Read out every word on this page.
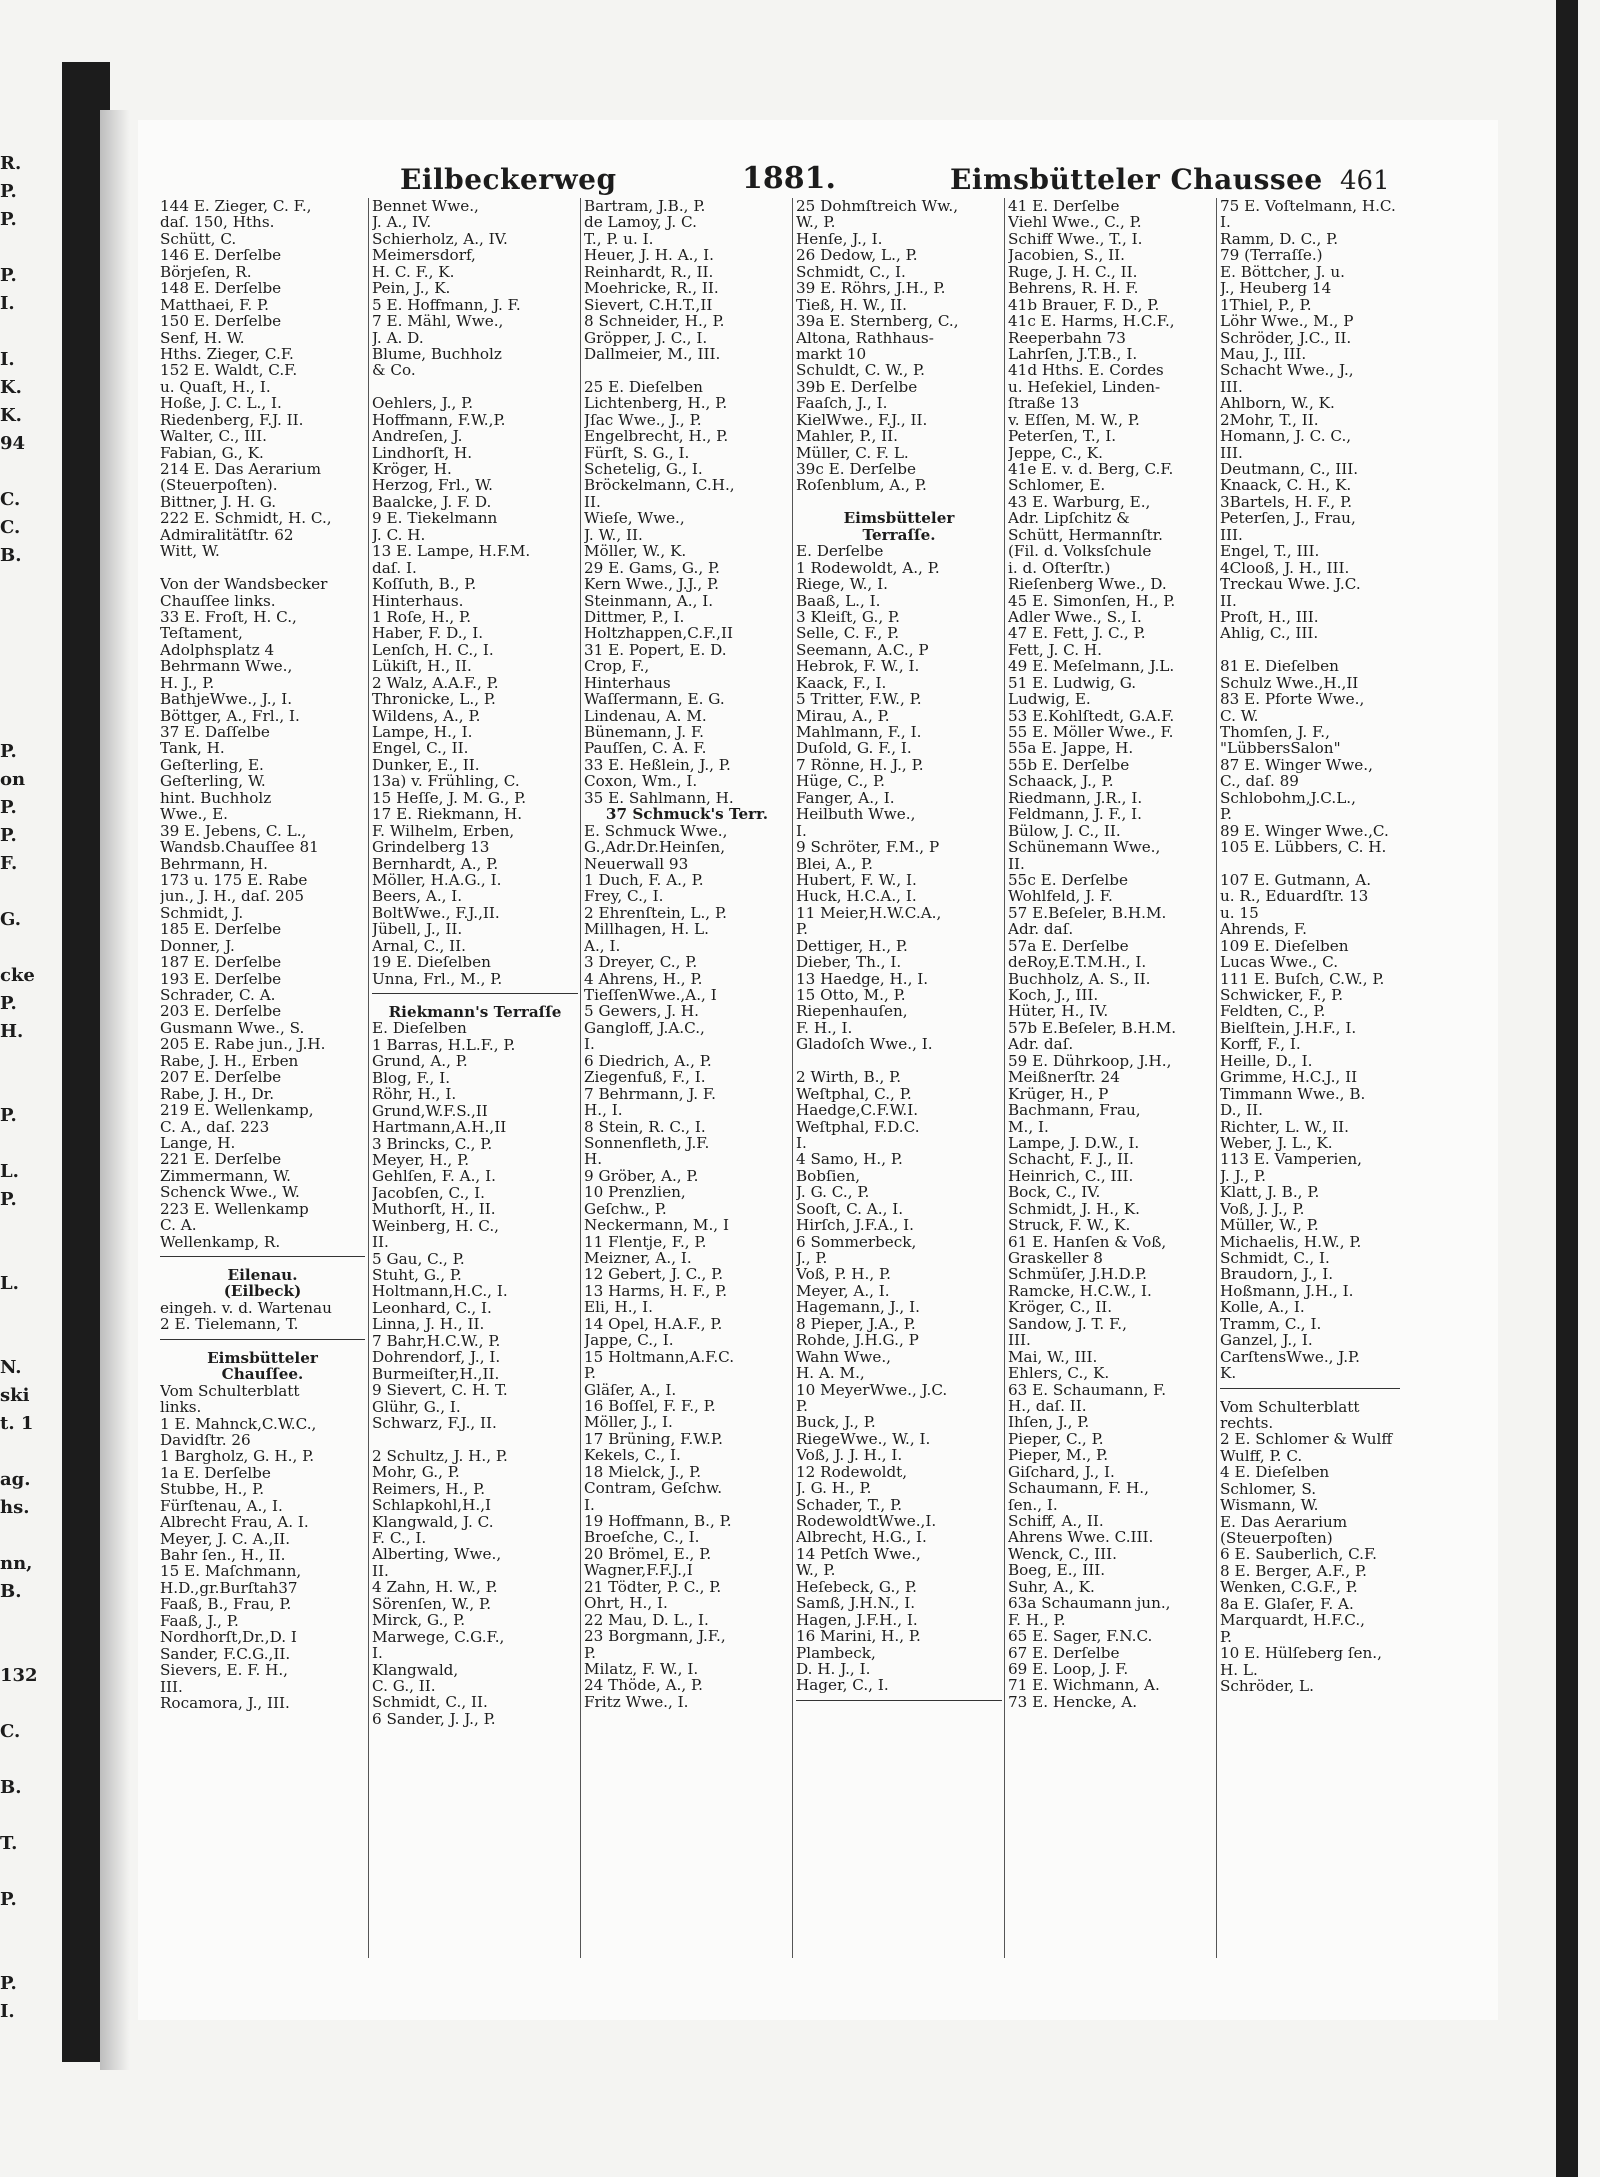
R.
P.
P.
P.
I.
I.
K.
K.
94
C.
C.
B.
P.
on
P.
P.
F.
G.
cke
P.
H.
P.
L.
P.
L.
N.
ski
t. 1
ag.
hs.
nn,
B.
132
C.
B.
T.
P.
P.
I.
Eilbeckerweg	1881.	Eimsbütteler Chaussee 461
144 E. Zieger, C. F.,
daſ. 150, Hths.
Schütt, C.
146 E. Derſelbe
Börjeſen, R.
148 E. Derſelbe
Matthaei, F. P.
150 E. Derſelbe
Senf, H. W.
Hths. Zieger, C.F.
152 E. Waldt, C.F.
u. Quaſt, H., I.
Hoße, J. C. L., I.
Riedenberg, F.J. II.
Walter, C., III.
Fabian, G., K.
214 E. Das Aerarium
(Steuerpoſten).
Bittner, J. H. G.
222 E. Schmidt, H. C.,
Admiralitätſtr. 62
Witt, W.
Von der Wandsbecker
Chauſſee links.
33 E. Froſt, H. C.,
Teſtament,
Adolphsplatz 4
Behrmann Wwe.,
H. J., P.
BathjeWwe., J., I.
Böttger, A., Frl., I.
37 E. Daſſelbe
Tank, H.
Geſterling, E.
Geſterling, W.
hint. Buchholz
Wwe., E.
39 E. Jebens, C. L.,
Wandsb.Chauſſee 81
Behrmann, H.
173 u. 175 E. Rabe
jun., J. H., daſ. 205
Schmidt, J.
185 E. Derſelbe
Donner, J.
187 E. Derſelbe
193 E. Derſelbe
Schrader, C. A.
203 E. Derſelbe
Gusmann Wwe., S.
205 E. Rabe jun., J.H.
Rabe, J. H., Erben
207 E. Derſelbe
Rabe, J. H., Dr.
219 E. Wellenkamp,
C. A., daſ. 223
Lange, H.
221 E. Derſelbe
Zimmermann, W.
Schenck Wwe., W.
223 E. Wellenkamp
C. A.
Wellenkamp, R.
Eilenau.
(Eilbeck)
eingeh. v. d. Wartenau
2 E. Tielemann, T.
Eimsbütteler
Chauſſee.
Vom Schulterblatt
links.
1 E. Mahnck,C.W.C.,
Davidſtr. 26
1 Bargholz, G. H., P.
1a E. Derſelbe
Stubbe, H., P.
Fürſtenau, A., I.
Albrecht Frau, A. I.
Meyer, J. C. A.,II.
Bahr ſen., H., II.
15 E. Maſchmann,
H.D.,gr.Burſtah37
Faaß, B., Frau, P.
Faaß, J., P.
Nordhorſt,Dr.,D. I
Sander, F.C.G.,II.
Sievers, E. F. H.,
III.
Rocamora, J., III.
Bennet Wwe.,
J. A., IV.
Schierholz, A., IV.
Meimersdorf,
H. C. F., K.
Pein, J., K.
5 E. Hoffmann, J. F.
7 E. Mähl, Wwe.,
J. A. D.
Blume, Buchholz
& Co.
Oehlers, J., P.
Hoffmann, F.W.,P.
Andreſen, J.
Lindhorſt, H.
Kröger, H.
Herzog, Frl., W.
Baalcke, J. F. D.
9 E. Tiekelmann
J. C. H.
13 E. Lampe, H.F.M.
daſ. I.
Koſſuth, B., P.
Hinterhaus.
1 Roſe, H., P.
Haber, F. D., I.
Lenſch, H. C., I.
Lükiſt, H., II.
2 Walz, A.A.F., P.
Thronicke, L., P.
Wildens, A., P.
Lampe, H., I.
Engel, C., II.
Dunker, E., II.
13a) v. Frühling, C.
15 Heſſe, J. M. G., P.
17 E. Riekmann, H.
F. Wilhelm, Erben,
Grindelberg 13
Bernhardt, A., P.
Möller, H.A.G., I.
Beers, A., I.
BoltWwe., F.J.,II.
Jübell, J., II.
Arnal, C., II.
19 E. Dieſelben
Unna, Frl., M., P.
Riekmann's Terraſſe
E. Dieſelben
1 Barras, H.L.F., P.
Grund, A., P.
Blog, F., I.
Röhr, H., I.
Grund,W.F.S.,II
Hartmann,A.H.,II
3 Brincks, C., P.
Meyer, H., P.
Gehlſen, F. A., I.
Jacobſen, C., I.
Muthorſt, H., II.
Weinberg, H. C.,
II.
5 Gau, C., P.
Stuht, G., P.
Holtmann,H.C., I.
Leonhard, C., I.
Linna, J. H., II.
7 Bahr,H.C.W., P.
Dohrendorf, J., I.
Burmeiſter,H.,II.
9 Sievert, C. H. T.
Glühr, G., I.
Schwarz, F.J., II.
2 Schultz, J. H., P.
Mohr, G., P.
Reimers, H., P.
Schlapkohl,H.,I
Klangwald, J. C.
F. C., I.
Alberting, Wwe.,
II.
4 Zahn, H. W., P.
Sörenſen, W., P.
Mirck, G., P.
Marwege, C.G.F.,
I.
Klangwald,
C. G., II.
Schmidt, C., II.
6 Sander, J. J., P.
Bartram, J.B., P.
de Lamoy, J. C.
T., P. u. I.
Heuer, J. H. A., I.
Reinhardt, R., II.
Moehricke, R., II.
Sievert, C.H.T.,II
8 Schneider, H., P.
Gröpper, J. C., I.
Dallmeier, M., III.
25 E. Dieſelben
Lichtenberg, H., P.
Jſac Wwe., J., P.
Engelbrecht, H., P.
Fürſt, S. G., I.
Schetelig, G., I.
Bröckelmann, C.H.,
II.
Wieſe, Wwe.,
J. W., II.
Möller, W., K.
29 E. Gams, G., P.
Kern Wwe., J.J., P.
Steinmann, A., I.
Dittmer, P., I.
Holtzhappen,C.F.,II
31 E. Popert, E. D.
Crop, F.,
Hinterhaus
Waſſermann, E. G.
Lindenau, A. M.
Bünemann, J. F.
Pauſſen, C. A. F.
33 E. Heßlein, J., P.
Coxon, Wm., I.
35 E. Sahlmann, H.
37 Schmuck's Terr.
E. Schmuck Wwe.,
G.,Adr.Dr.Heinſen,
Neuerwall 93
1 Duch, F. A., P.
Frey, C., I.
2 Ehrenſtein, L., P.
Millhagen, H. L.
A., I.
3 Dreyer, C., P.
4 Ahrens, H., P.
TieſſenWwe.,A., I
5 Gewers, J. H.
Gangloff, J.A.C.,
I.
6 Diedrich, A., P.
Ziegenfuß, F., I.
7 Behrmann, J. F.
H., I.
8 Stein, R. C., I.
Sonnenfleth, J.F.
H.
9 Gröber, A., P.
10 Prenzlien,
Geſchw., P.
Neckermann, M., I
11 Flentje, F., P.
Meizner, A., I.
12 Gebert, J. C., P.
13 Harms, H. F., P.
Eli, H., I.
14 Opel, H.A.F., P.
Jappe, C., I.
15 Holtmann,A.F.C.
P.
Gläſer, A., I.
16 Boſſel, F. F., P.
Möller, J., I.
17 Brüning, F.W.P.
Kekels, C., I.
18 Mielck, J., P.
Contram, Geſchw.
I.
19 Hoffmann, B., P.
Broeſche, C., I.
20 Brömel, E., P.
Wagner,F.F.J.,I
21 Tödter, P. C., P.
Ohrt, H., I.
22 Mau, D. L., I.
23 Borgmann, J.F.,
P.
Milatz, F. W., I.
24 Thöde, A., P.
Fritz Wwe., I.
25 Dohmſtreich Ww.,
W., P.
Henſe, J., I.
26 Dedow, L., P.
Schmidt, C., I.
39 E. Röhrs, J.H., P.
Tieß, H. W., II.
39a E. Sternberg, C.,
Altona, Rathhaus-
markt 10
Schuldt, C. W., P.
39b E. Derſelbe
Faaſch, J., I.
KielWwe., F.J., II.
Mahler, P., II.
Müller, C. F. L.
39c E. Derſelbe
Roſenblum, A., P.
Eimsbütteler
Terraſſe.
E. Derſelbe
1 Rodewoldt, A., P.
Riege, W., I.
Baaß, L., I.
3 Kleiſt, G., P.
Selle, C. F., P.
Seemann, A.C., P
Hebrok, F. W., I.
Kaack, F., I.
5 Tritter, F.W., P.
Mirau, A., P.
Mahlmann, F., I.
Duſold, G. F., I.
7 Rönne, H. J., P.
Hüge, C., P.
Fanger, A., I.
Heilbuth Wwe.,
I.
9 Schröter, F.M., P
Blei, A., P.
Hubert, F. W., I.
Huck, H.C.A., I.
11 Meier,H.W.C.A.,
P.
Dettiger, H., P.
Dieber, Th., I.
13 Haedge, H., I.
15 Otto, M., P.
Riepenhauſen,
F. H., I.
Gladoſch Wwe., I.
2 Wirth, B., P.
Weſtphal, C., P.
Haedge,C.F.W.I.
Weſtphal, F.D.C.
I.
4 Samo, H., P.
Bobſien,
J. G. C., P.
Sooſt, C. A., I.
Hirſch, J.F.A., I.
6 Sommerbeck,
J., P.
Voß, P. H., P.
Meyer, A., I.
Hagemann, J., I.
8 Pieper, J.A., P.
Rohde, J.H.G., P
Wahn Wwe.,
H. A. M.,
10 MeyerWwe., J.C.
P.
Buck, J., P.
RiegeWwe., W., I.
Voß, J. J. H., I.
12 Rodewoldt,
J. G. H., P.
Schader, T., P.
RodewoldtWwe.,I.
Albrecht, H.G., I.
14 Petſch Wwe.,
W., P.
Heſebeck, G., P.
Samß, J.H.N., I.
Hagen, J.F.H., I.
16 Marini, H., P.
Plambeck,
D. H. J., I.
Hager, C., I.
41 E. Derſelbe
Viehl Wwe., C., P.
Schiff Wwe., T., I.
Jacobien, S., II.
Ruge, J. H. C., II.
Behrens, R. H. F.
41b Brauer, F. D., P.
41c E. Harms, H.C.F.,
Reeperbahn 73
Lahrſen, J.T.B., I.
41d Hths. E. Cordes
u. Heſekiel, Linden-
ſtraße 13
v. Eſſen, M. W., P.
Peterſen, T., I.
Jeppe, C., K.
41e E. v. d. Berg, C.F.
Schlomer, E.
43 E. Warburg, E.,
Adr. Lipſchitz &
Schütt, Hermannſtr.
(Fil. d. Volksſchule
i. d. Oſterſtr.)
Rieſenberg Wwe., D.
45 E. Simonſen, H., P.
Adler Wwe., S., I.
47 E. Fett, J. C., P.
Fett, J. C. H.
49 E. Meſelmann, J.L.
51 E. Ludwig, G.
Ludwig, E.
53 E.Kohlſtedt, G.A.F.
55 E. Möller Wwe., F.
55a E. Jappe, H.
55b E. Derſelbe
Schaack, J., P.
Riedmann, J.R., I.
Feldmann, J. F., I.
Bülow, J. C., II.
Schünemann Wwe.,
II.
55c E. Derſelbe
Wohlfeld, J. F.
57 E.Beſeler, B.H.M.
Adr. daſ.
57a E. Derſelbe
deRoy,E.T.M.H., I.
Buchholz, A. S., II.
Koch, J., III.
Hüter, H., IV.
57b E.Beſeler, B.H.M.
Adr. daſ.
59 E. Dührkoop, J.H.,
Meißnerſtr. 24
Krüger, H., P
Bachmann, Frau,
M., I.
Lampe, J. D.W., I.
Schacht, F. J., II.
Heinrich, C., III.
Bock, C., IV.
Schmidt, J. H., K.
Struck, F. W., K.
61 E. Hanſen & Voß,
Graskeller 8
Schmüſer, J.H.D.P.
Ramcke, H.C.W., I.
Kröger, C., II.
Sandow, J. T. F.,
III.
Mai, W., III.
Ehlers, C., K.
63 E. Schaumann, F.
H., daſ. II.
Ihſen, J., P.
Pieper, C., P.
Pieper, M., P.
Giſchard, J., I.
Schaumann, F. H.,
ſen., I.
Schiff, A., II.
Ahrens Wwe. C.III.
Wenck, C., III.
Boeg, E., III.
Suhr, A., K.
63a Schaumann jun.,
F. H., P.
65 E. Sager, F.N.C.
67 E. Derſelbe
69 E. Loop, J. F.
71 E. Wichmann, A.
73 E. Hencke, A.
75 E. Voſtelmann, H.C.
I.
Ramm, D. C., P.
79 (Terraſſe.)
E. Böttcher, J. u.
J., Heuberg 14
1Thiel, P., P.
Löhr Wwe., M., P
Schröder, J.C., II.
Mau, J., III.
Schacht Wwe., J.,
III.
Ahlborn, W., K.
2Mohr, T., II.
Homann, J. C. C.,
III.
Deutmann, C., III.
Knaack, C. H., K.
3Bartels, H. F., P.
Peterſen, J., Frau,
III.
Engel, T., III.
4Clooß, J. H., III.
Treckau Wwe. J.C.
II.
Proſt, H., III.
Ahlig, C., III.
81 E. Dieſelben
Schulz Wwe.,H.,II
83 E. Pforte Wwe.,
C. W.
Thomſen, J. F.,
"LübbersSalon"
87 E. Winger Wwe.,
C., daſ. 89
Schlobohm,J.C.L.,
P.
89 E. Winger Wwe.,C.
105 E. Lübbers, C. H.
107 E. Gutmann, A.
u. R., Eduardſtr. 13
u. 15
Ahrends, F.
109 E. Dieſelben
Lucas Wwe., C.
111 E. Buſch, C.W., P.
Schwicker, F., P.
Feldten, C., P.
Bielſtein, J.H.F., I.
Korff, F., I.
Heille, D., I.
Grimme, H.C.J., II
Timmann Wwe., B.
D., II.
Richter, L. W., II.
Weber, J. L., K.
113 E. Vamperien,
J. J., P.
Klatt, J. B., P.
Voß, J. J., P.
Müller, W., P.
Michaelis, H.W., P.
Schmidt, C., I.
Braudorn, J., I.
Hoßmann, J.H., I.
Kolle, A., I.
Tramm, C., I.
Ganzel, J., I.
CarſtensWwe., J.P.
K.
Vom Schulterblatt
rechts.
2 E. Schlomer & Wulff
Wulff, P. C.
4 E. Dieſelben
Schlomer, S.
Wismann, W.
E. Das Aerarium
(Steuerpoſten)
6 E. Sauberlich, C.F.
8 E. Berger, A.F., P.
Wenken, C.G.F., P.
8a E. Glaſer, F. A.
Marquardt, H.F.C.,
P.
10 E. Hülſeberg ſen.,
H. L.
Schröder, L.
